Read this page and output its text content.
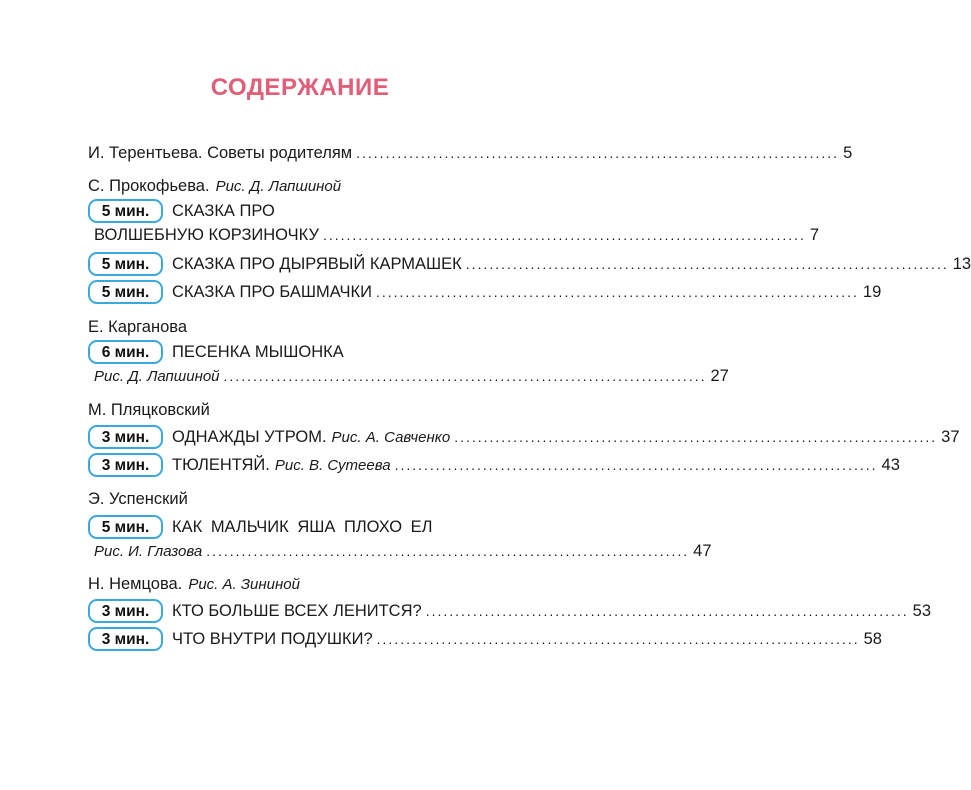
СОДЕРЖАНИЕ
И. Терентьева. Советы родителям .................................................................................. 5
С. Прокофьева. Рис. Д. Лапшиной
5 мин.	СКАЗКА ПРО
ВОЛШЕБНУЮ КОРЗИНОЧКУ .................................................................................. 7
5 мин.	СКАЗКА ПРО ДЫРЯВЫЙ КАРМАШЕК .................................................................................. 13
5 мин.	СКАЗКА ПРО БАШМАЧКИ .................................................................................. 19
Е. Карганова
6 мин.	ПЕСЕНКА МЫШОНКА
Рис. Д. Лапшиной .................................................................................. 27
М. Пляцковский
3 мин.	ОДНАЖДЫ УТРОМ. Рис. А. Савченко .................................................................................. 37
3 мин.	ТЮЛЕНТЯЙ. Рис. В. Сутеева .................................................................................. 43
Э. Успенский
5 мин.	КАК МАЛЬЧИК ЯША ПЛОХО ЕЛ
Рис. И. Глазова .................................................................................. 47
Н. Немцова. Рис. А. Зининой
3 мин.	КТО БОЛЬШЕ ВСЕХ ЛЕНИТСЯ? .................................................................................. 53
3 мин.	ЧТО ВНУТРИ ПОДУШКИ? .................................................................................. 58
